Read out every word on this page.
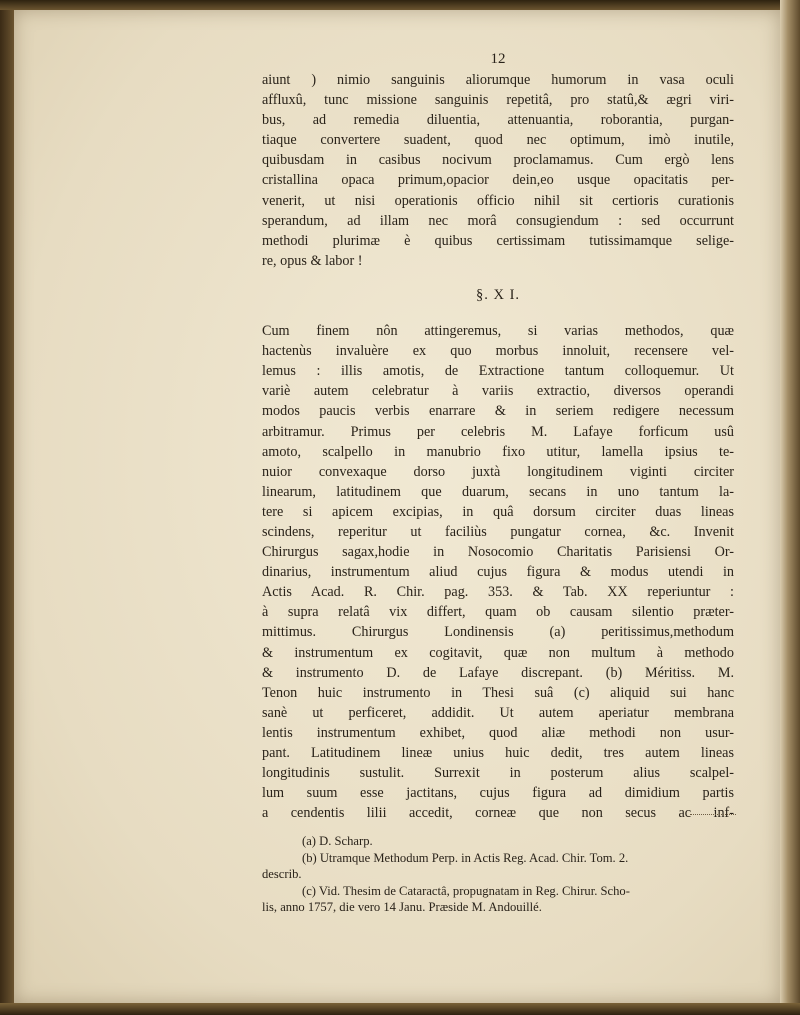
12
aiunt ) nimio sanguinis aliorumque humorum in vasa oculi
affluxû, tunc missione sanguinis repetitâ, pro statû,& ægri viri-
bus, ad remedia diluentia, attenuantia, roborantia, purgan-
tiaque convertere suadent, quod nec optimum, imò inutile,
quibusdam in casibus nocivum proclamamus. Cum ergò lens
cristallina opaca primum,opacior dein,eo usque opacitatis per-
venerit, ut nisi operationis officio nihil sit certioris curationis
sperandum, ad illam nec morâ consugiendum : sed occurrunt
methodi plurimæ è quibus certissimam tutissimamque selige-
re, opus & labor !
§. X I.
Cum finem nôn attingeremus, si varias methodos, quæ
hactenùs invaluère ex quo morbus innoluit, recensere vel-
lemus : illis amotis, de Extractione tantum colloquemur. Ut
variè autem celebratur à variis extractio, diversos operandi
modos paucis verbis enarrare & in seriem redigere necessum
arbitramur. Primus per celebris M. Lafaye forficum usû
amoto, scalpello in manubrio fixo utitur, lamella ipsius te-
nuior convexaque dorso juxtà longitudinem viginti circiter
linearum, latitudinem que duarum, secans in uno tantum la-
tere si apicem excipias, in quâ dorsum circiter duas lineas
scindens, reperitur ut faciliùs pungatur cornea, &c. Invenit
Chirurgus sagax,hodie in Nosocomio Charitatis Parisiensi Or-
dinarius, instrumentum aliud cujus figura & modus utendi in
Actis Acad. R. Chir. pag. 353. & Tab. XX reperiuntur :
à supra relatâ vix differt, quam ob causam silentio præter-
mittimus. Chirurgus Londinensis (a) peritissimus,methodum
& instrumentum ex cogitavit, quæ non multum à methodo
& instrumento D. de Lafaye discrepant. (b) Méritiss. M.
Tenon huic instrumento in Thesi suâ (c) aliquid sui hanc
sanè ut perficeret, addidit. Ut autem aperiatur membrana
lentis instrumentum exhibet, quod aliæ methodi non usur-
pant. Latitudinem lineæ unius huic dedit, tres autem lineas
longitudinis sustulit. Surrexit in posterum alius scalpel-
lum suum esse jactitans, cujus figura ad dimidium partis
a cendentis lilii accedit, corneæ que non secus ac inf-
(a) D. Scharp.
(b) Utramque Methodum Perp. in Actis Reg. Acad. Chir. Tom. 2.
describ.
(c) Vid. Thesim de Cataractâ, propugnatam in Reg. Chirur. Scho-
lis, anno 1757, die vero 14 Janu. Præside M. Andouillé.
